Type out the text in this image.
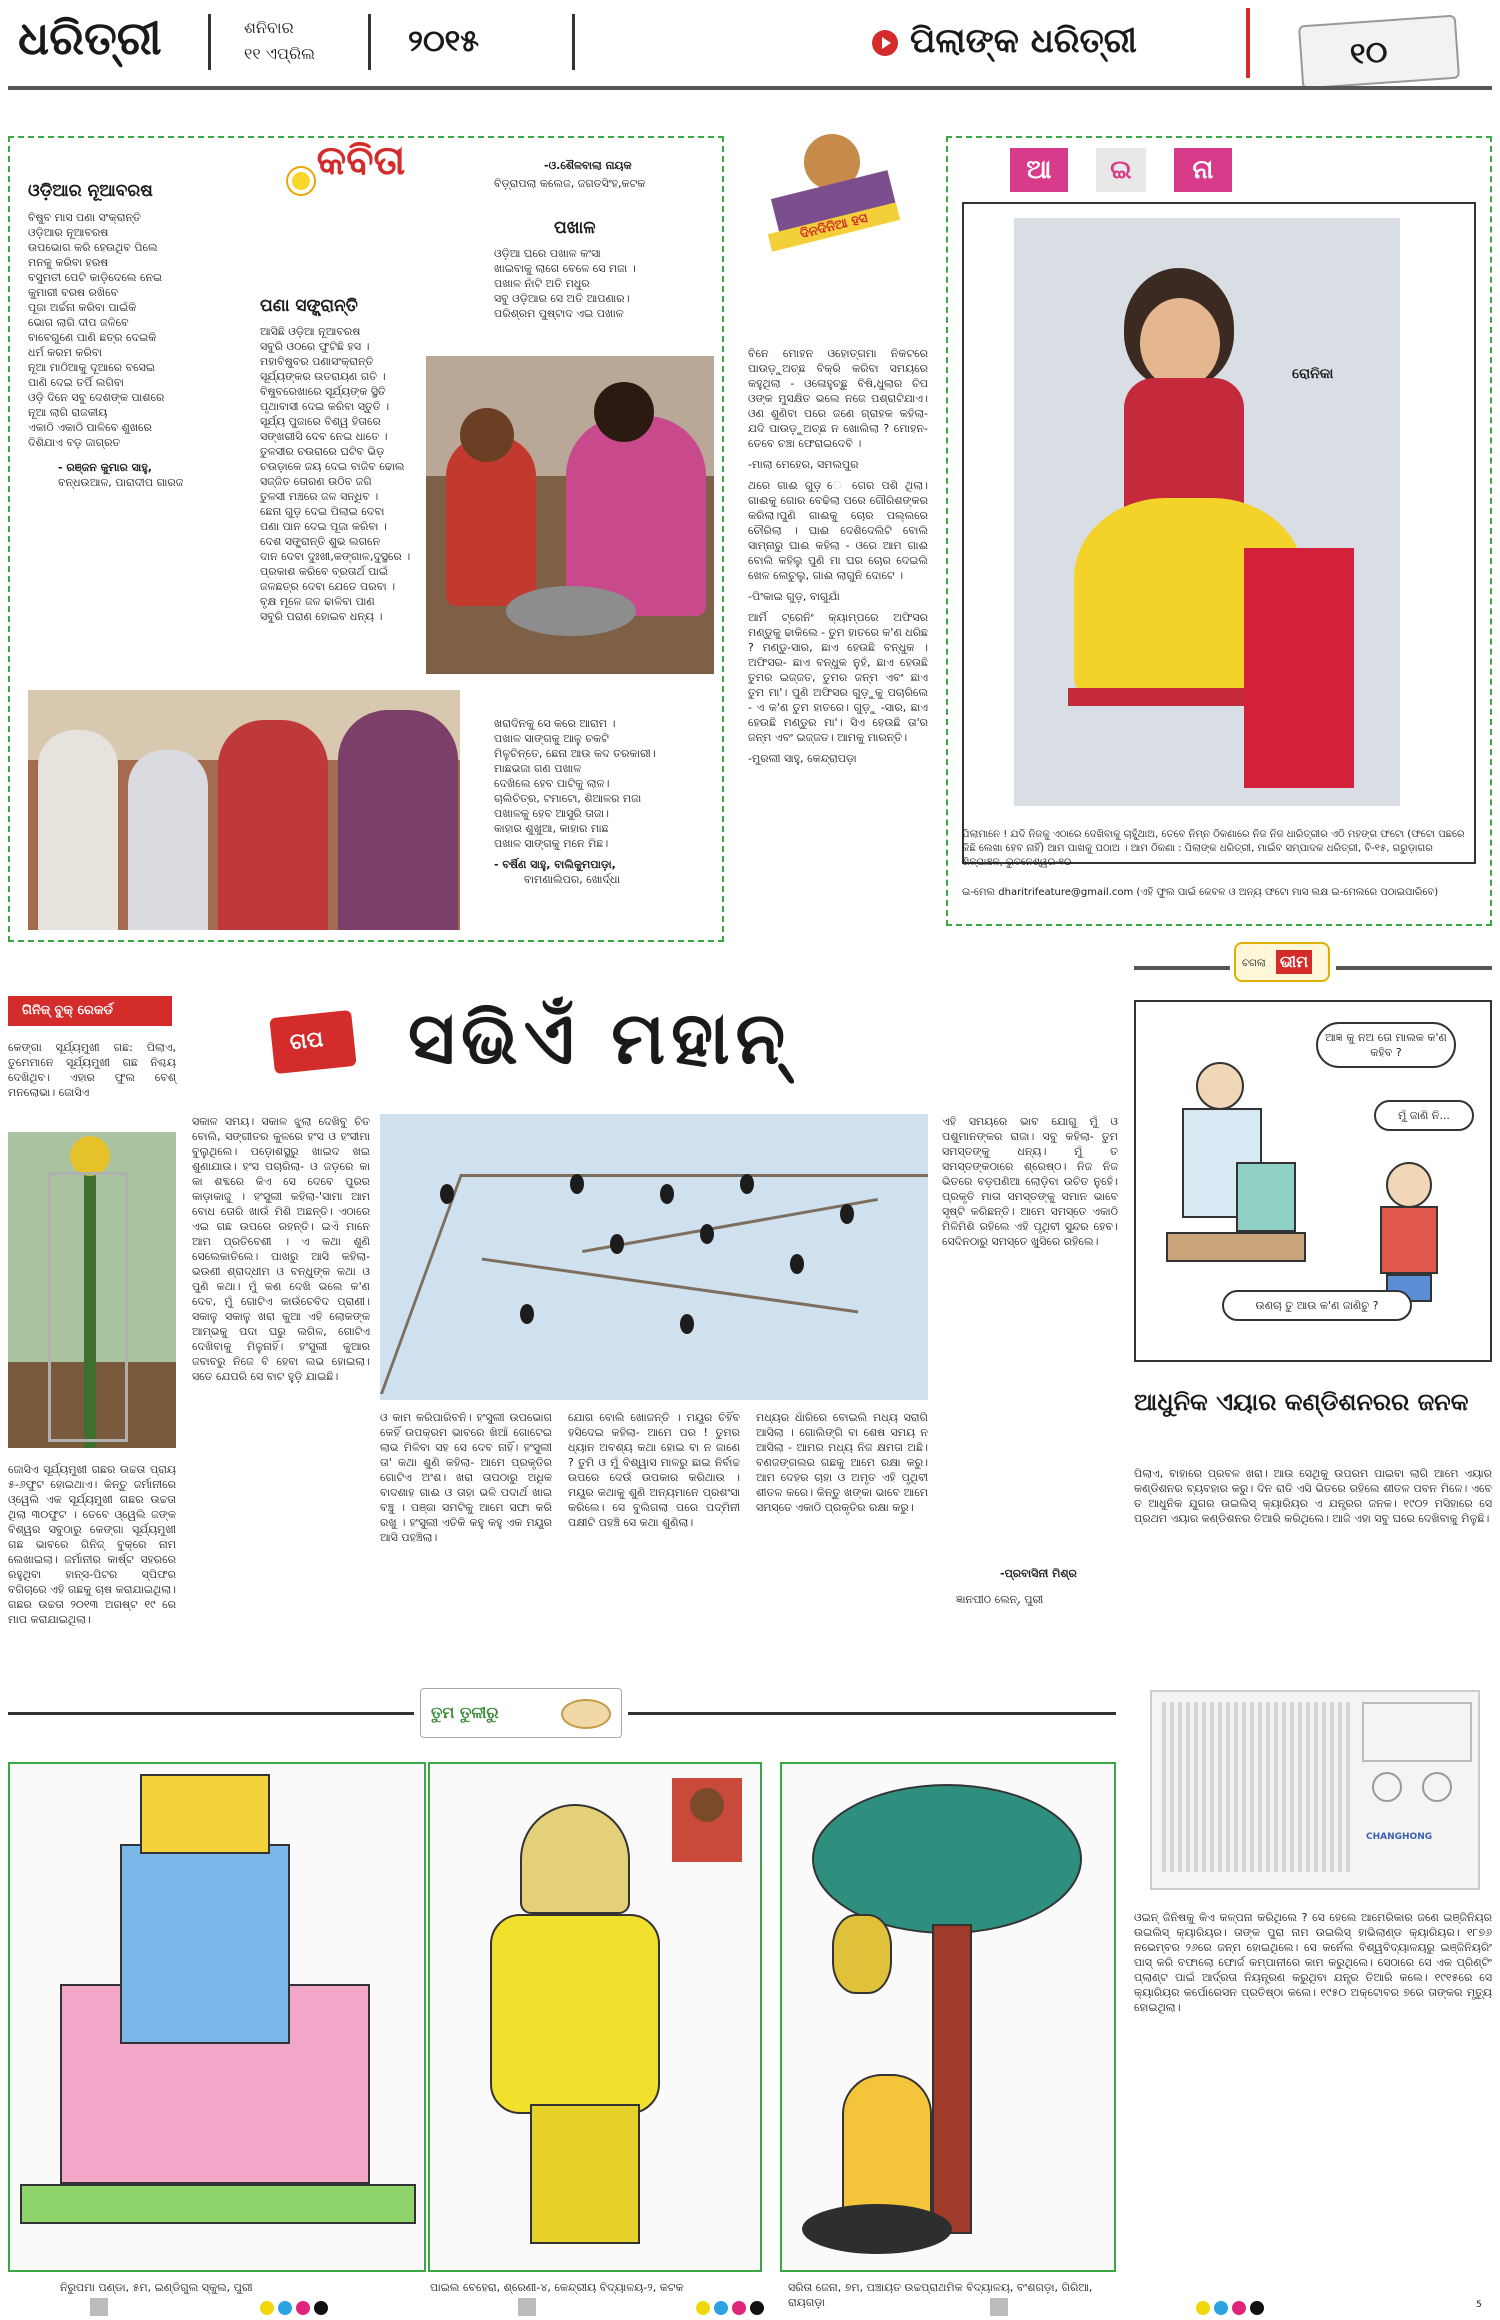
ଧରିତ୍ରୀ	ଶନିବାର
୧୧ ଏପ୍ରିଲ	୨୦୧୫	ପିଲାଙ୍କ ଧରିତ୍ରୀ	୧୦
କବିତା
ଓଡ଼ିଆର ନୂଆବରଷ
ବିଷୁବ ମାସ ପଣା ସଂକ୍ରାନ୍ତି
ଓଡ଼ିଆର ନୂଆବରଷ
ଉପଭୋଗ କରି ହେଉଥିବ ପିଲେ
ମନକୁ କରିବା ହରଷ
ବସୁମତୀ ପେଟି କାଡ଼ିଦେଲେ ନେଇ
କୁମାରୀ ବରଷ ରଖିବେ
ପୂଜା ଅର୍ଚ୍ଚନା କରିବା ପାଇଁକି
ଭୋଗ ଲାଗି ଦୀପ ଜଳିବେ
ବାବେଗୁଣେ ପାଣି ଛତ୍ର ଦେଇକି
ଧର୍ମ କରମ କରିବା
ନୂଆ ମାଠିଆକୁ ଦୂଆରେ ବସେଇ
ପାଣି ଦେଇ ତର୍ପି ଲଗିବା
ଓଡ଼ି ଦିନେ ସବୁ ଦେଶଙ୍କ ପାଶରେ
ନୂଆ ଲାଗି ରାଜକୀୟ
ଏକାଠି ଏକାଠି ପାଳିବେ ଶୁଖରେ
ଦିଶିଯାଏ ବଡ଼ ଜାଗ୍ରତ
- ରଞ୍ଜନ କୁମାର ସାହୁ,
ବନ୍ଧଉଆଳ, ପାରାଦୀପ ଗାରଜ
-ଓ.ଶୈଳବାଲା ନାୟକ
ବିଡ଼୍ରାପଲା କଲେଜ, ଜଗତସିଂହ,କଟକ
ପଖାଳ
ଓଡ଼ିଆ ଘରେ ପଖାଳ କଂସା
ଖାଇବାକୁ ଲାଗେ ବେଳେ ସେ ମଜା ।
ପଖାଳ ନାଁଟି ଅତି ମଧୁର
ସବୁ ଓଡ଼ିଆର ସେ ଅତି ଆପଣାର।
ପରିଶ୍ରମ ପୁଷ୍ଟାଦ ଏଇ ପଖାଳ
ପଣା ସଙ୍କ୍ରାନ୍ତି
ଆସିଛି ଓଡ଼ିଆ ନୂଆବରଷ
ସବୁରି ଓଠରେ ଫୁଟିଛି ହସ ।
ମହାବିଷୁବର ପଣାସଂକ୍ରାନ୍ତି
ସୂର୍ଯ୍ୟଙ୍କର ଉତରାୟଣ ଗତି ।
ବିଷୁବରେଖାରେ ସୂର୍ଯ୍ୟଙ୍କ ସ୍ଥିତି
ପୃଥାବାସୀ ଦେଇ କରିବା ସ୍ତୁତି ।
ସୂର୍ଯ୍ୟ ପୁଜାରେ ବିଶ୍ୱ ହିତାରେ
ସଙ୍ଖରୀସି ଦେବ ନେଇ ଧାତେ ।
ତୁଳସୀର ଚଉରାରେ ଘଟିବ ଭିଡ଼
ଚଉଡ଼ାକେ ଜୟ ଦେଇ ବାଜିବ ଢୋଲ
ସଜ୍ଜିତ ତୋରଣ ଉଠିବ ଜଗି
ତୁଳସୀ ମଞ୍ଚରେ ଜଳ ସନ୍ଧିବ ।
ଛେନା ଗୁଡ଼ ଦେଇ ପିଲାଇ ଦେବା
ପଣା ପାନ ଦେଇ ପୂଜା କରିବା ।
ଦେଶ ସଙ୍କ୍ରାନ୍ତି ଶୁଭ ଲଗନେ
ଦାନ ଦେବା ଦୁଃଖୀ,କଙ୍ଗାଳ,ଦୁସ୍ଥରେ ।
ପ୍ରକାଶ କରିବେ ବ୍ରତାର୍ଥ ପାଇଁ
ଜଳଛତ୍ର ଦେବା ଯେତେ ପରବା ।
ବୃକ୍ଷ ମୂଳେ ଜଳ ଢାଳିବା ପାଣ
ସବୁରି ପରାଣ ହୋଇବ ଧନ୍ୟ ।
ଖରାଦିନକୁ ସେ କରେ ଆରାମ ।
ପଖାଳ ସାଙ୍ଗକୁ ଆଳୁ ଚକଟି
ମିଳୁଚିନ୍ତେ, ଛେନା ଆଉ କଦ ତରକାରୀ।
ମାଛଭଜା ଗଣ ପଖାଳ
ଦେଖିଲେ ହେବ ପାଟିକୁ ଲାଳ।
ଚାଲିଚିତ୍ର, ଟମାଟୋ, ଶିଆଳର ମଜା
ପଖାଳକୁ ହେବ ଆସୁରି ତାଜା।
କାହାର ଶୁଖୁଆ, କାହାର ମାଛ
ପଖାଳ ସାଙ୍ଗକୁ ମନେ ମିଛ।
- ବର୍ଷିଣ ସାହୁ, ବାଲିକୁମପାଡ଼ା,
ବାମଣାଲିପର, ଖୋର୍ଦ୍ଧା
ଦିନଦିନିଆ ହସ

ବିନେ ମୋହନ ଓହୋତ୍ଗମା ନିକଟରେ ପାଉଡ଼ୁଅଚ୍ଛ ବିକ୍ରି କରିବା ସମୟରେ କହୁଥିଲା - ଓଳୋହୁଚ୍ଛୁ ବିଷି,ଧୁଲାର ଚିପ ଓଙ୍କ ମୁସକ୍ଷିତ ଭଲେ ନଜେ ପଶ୍ରାଟିଯାଏ। ଓଣ ଶୁଣିବା ପରେ ଜଣେ ଗ୍ରାହକ କହିଲା- ଯଦି ପାଉଡ଼ୁଅଚ୍ଛ ନ ଖୋଲିଲା ? ମୋହନ-ତେବେ ଚଞ୍ଚା ଫେରାଇଦେବି ।

-ମାଲା ମେହେର, ସମଲପୁର

ଥରେ ଗାଈ ଗୁଡ଼ େ ଗେର ପଶି ଥିଲା। ଗାଈକୁ ଗୋର ବେଢିଲା ପରେ ଗୌରିଶଙ୍କର କରିଲା।ପୁଣି ଗାଈକୁ ଚୋର ପଲ୍ଲରେ ଚୌରିଲା । ଘାଈ ଦେଶିଦେଲିଟି ବୋଲି ସାମ୍ନାରୁ ଘାଈ କହିଲା - ଓରେ ଆମ ଗାଈ ବୋଲି କହିଲୁ ପୁଣି ମା ଘର ଚୋର ଦେଇଲି ଖେଳ ଲେଚୁଲୁ, ଗାଈ ଲାଗୁନି ଦୋଟେ ।

-ପିଂକାଇ ଗୁଡ଼, ବାଗୁଯାଁ

ଆର୍ମି ଟ୍ରେନିଂ କ୍ୟାମ୍ପରେ ଅଫିସର ମଣ୍ଡୁକୁ ଢାକିଲେ - ତୁମ ହାତରେ କ'ଣ ଧରିଛ ? ମଣ୍ଡୁ-ସାର, ଛାଏ ହେଉଛି ବନ୍ଧୁକ । ଅଫିସର- ଛାଏ ବନ୍ଧୁକ ନୁହଁ, ଛାଏ ହେଉଛି ତୁମର ଇଜ୍ଜତ, ତୁମର ଜନ୍ମ ଏବଂ ଛାଏ ତୁମ ମା'। ପୁଣି ଅଫିସର ଗୁଡ଼ୁକୁ ପଚାରିଲେ - ଏ କ'ଣ ତୁମ ହାତରେ। ଗୁଡ଼ୁ -ସାର, ଛାଏ ହେଉଛି ମଣ୍ଡୁର ମା'। ସିଏ ହେଉଛି ତା'ର ଜନ୍ମ ଏବଂ ଇଜ୍ଜତ। ଆମକୁ ମାରନ୍ତି।

-ମୁରଲୀ ସାହୁ, କେନ୍ଦ୍ରାପଡ଼ା

ଆ	ଇ	ନା
ରୋନିକା
ପିଲାମାନେ ! ଯଦି ନିଜକୁ ଏଠାରେ ଦେଖିବାକୁ ଚାହୁଁଥାଅ, ତେବେ ନିମ୍ନ ଠିକଣାରେ ନିଜ ନିଜ ଧାରିତ୍ରୀର ଏଠି ମହଙ୍ଗ ଫଟୋ (ଫଟୋ ପଛରେ କିଛି ଲେଖା ହେବ ନାହିଁ) ଆମ ପାଖକୁ ପଠାଅ । ଆମ ଠିକଣା : ପିଲାଙ୍କ ଧରିତ୍ରୀ, ମାଇଁବ ସମ୍ପାଦକ ଧରିତ୍ରୀ, ବି-୧୫, ଗରୁଡ଼ାଗର ଶିଳ୍ପାଞ୍ଚଳ, ଭୁବନେଶ୍ୱର-୧୦
ଇ-ମେଲ dharitrifeature@gmail.com (ଏହି ଫୁଲ ପାଇଁ କେବଳ ଓ ଅନ୍ୟ ଫଟୋ ମାସ ଲକ୍ଷ ଇ-ମେଲରେ ପଠାଇପାରିବେ)
ଚଗଲା ଭୀମ
ଗିନିଜ୍ ବୁକ୍ ରେକର୍ଡ
କେଙ୍ଗା ସୂର୍ଯ୍ୟମୁଖୀ ଗଛ: ପିଲାଏ, ତୁମେମାନେ ସୂର୍ଯ୍ୟମୁଖୀ ଗଛ ନିଶ୍ଚୟ ଦେଖିଥିବ। ଏହାର ଫୁଲ ବେଶ୍ ମନଲୋଭା। ଜୋସିଏ
ଜୋସିଏ ସୂର୍ଯ୍ୟମୁଖୀ ଗଛର ଉଚ୍ଚତା ପ୍ରାୟ ୫-୬ଫୁଟ ହୋଇଥାଏ। କିନ୍ତୁ ଜର୍ମାନୀରେ ଓ୍ୱେଲି ଏକ ସୂର୍ଯ୍ୟମୁଖୀ ଗଛର ଉଚ୍ଚତା ଥିଲା ୩୦ଫୁଟ । ତେବେ ଓ୍ୱେଲି ଜଙ୍କ ବିଶ୍ୱର ସବୁଠାରୁ କେଙ୍ଗା ସୂର୍ଯ୍ୟମୁଖୀ ଗଛ ଭାବରେ ଗିନିଜ୍ ବୁକ୍ରେ ନାମ ଲେଖାଇଲା। ଜର୍ମାନୀର କାର୍ଷ୍ଟ ସହରରେ ରହୁଥିବା ହାନ୍ସ-ପିଟର ସ୍ପିଫର ବଗିଚାରେ ଏହି ଗଛକୁ ଚାଷ କରାଯାଇଥିଲା। ଗଛର ଉଚ୍ଚତା ୨୦୧୩ ଅଗଷ୍ଟ ୧୯ ରେ ମାପ କରାଯାଇଥିଲା।
ଗପ ସଭିଏଁ ମହାନ୍
ସକାଳ ସମୟ। ସକାଳ ଝୁଲା ଦେଖିବୁ ଚିତ ବୋଲି, ସଙ୍ଗୀତର କୁଳରେ ହଂସ ଓ ହଂସୀମା ବୁଲୁଥିଲେ। ପଡ଼ୋଶସ୍ଥରୁ ଖାଇଦ ଖଇ ଶୁଣାଯାଉ। ହଂସ ପଚାରିଲା- ଓ ଜଡ଼ରେ କା କା ଶବ୍ଦରେ କିଏ ସେ ଦେବେ ପୁରର କାଡ଼ାକାଜୁ । ହଂସୁଲୀ କହିଲା-'ସାମା ଆମ ବୋଧ ତୋରି ଖାଉଁ ମିଶି ଅଛନ୍ତି। ଏଠାରେ ଏଇ ଗଛ ଉପରେ ରହନ୍ତି। ଇଏଁ ମାନେ ଆମ ପ୍ରତିବେଶୀ । ଏ କଥା ଶୁଣି ସେଲେକାତିଲେ। ପାଖରୁ ଆସି କହିଲା- ଭଉଣୀ ଶ୍ରାଦ୍ଧୀମ ଓ ବନ୍ଧୁଙ୍କ କଥା ଓ ପୁଣି କଥା। ମୁଁ କଣ ଦେଖି ଭଲେ କ'ଣ ଦେବ, ମୁଁ ଗୋଟିଏ କାଉଁଚେବିଦ ପ୍ରାଣୀ। ସକାଳୁ ସକାଳୁ ଖରା କୁଆ ଏହି ଲୋକଙ୍କ ଆମ୍ଭକୁ ପଦା ଘରୁ ଲଗିଳ, ଗୋଟିଏ ଦେଖିବାକୁ ମିଳୁନାହିଁ। ହଂସୁଲୀ କୁଆର ଜବାବରୁ ନିଜେ ବି ହେବା ଲଭ ହୋଇଲା। ସତେ ଯେପରି ସେ ବାଟ ହୁଡ଼ି ଯାଇଛି।
ଓ କାମ କରିପାରିବନି। ହଂସୁଲୀ ଉପଭୋଗ କେହିଁ ଉପକ୍ରମ ଭାବରେ ଖିଆଁ ଗୋଟେଇ ଲାଭ ମିଳିବା ସହ ସେ ଦେବ ନାହିଁ। ହଂସୁଲୀ ତା' କଥା ଶୁଣି କହିଲା- ଆମେ ପ୍ରକୃତିର ଗୋଟିଏ ଅଂଶ। ଖରା ତାପଠାରୁ ଅଧିକ ବାଦଶାହ ଗାଈ ଓ ତାହା ଭଳି ପଦାର୍ଥ ଖାଇ ବଞ୍ଚୁ । ପଞ୍ଜା ସମଟିକୁ ଆମେ ସଫା କରି ରଖୁ । ହଂସୁଲୀ ଏତିକି କହୁ କହୁ ଏକ ମୟୂର ଆସି ପହଞ୍ଚିଲା।
ଯୋଗ ବୋଲି ଖୋଜନ୍ତି । ମୟୂର ଚିହିଁବ ହସିଦେଇ କହିଲା- ଆମେ ପର ! ତୁମର ଧ୍ୟାନ ଅବଶ୍ୟ କଥା ହୋଇ ବା ନ ଜାଣେ ? ତୁମି ଓ ମୁଁ ବିଶ୍ୱାସ ମାଳରୁ ଛାଇ ନିର୍ବାଚ୍ଚ ଉପରେ ଦେଉଁ ଉପକାର କରିଥାଉ । ମୟୂର କଥାକୁ ଶୁଣି ଅନ୍ୟମାନେ ପ୍ରଶଂସା କରିଲେ। ସେ ବୁଲିଗଲା ପରେ ପଦ୍ମିନୀ ପକ୍ଷୀଟି ପହଞ୍ଚି ସେ କଥା ଶୁଣିଲା।
ମଧ୍ୟର ଧାଁରିରେ ବୋଇଲି ମଧ୍ୟ ସରାଗି ଆସିଲା । ଗୋଲିଙ୍ଗି ବା ଶେଷ ସମୟ ନ ଆସିଲା - ଆମର ମଧ୍ୟ ନିଜ କ୍ଷମତା ଅଛି। ବଣଜଙ୍ଗଲର ଗଛକୁ ଆମେ ରକ୍ଷା କରୁ। ଆମ ଦେହର ଚାହା ଓ ଅମୃତ ଏହି ପୃଥିବୀ ଶୀତଳ କରେ। କିନ୍ତୁ ଖଙ୍କା ଭାବେ ଆମେ ସମସ୍ତେ ଏକାଠି ପ୍ରକୃତିର ରକ୍ଷା କରୁ।
ଏହି ସମୟରେ ଭାବ ଯୋଗୁ ମୁଁ ଓ ପଶୁମାନଙ୍କର ରାଜା। ସବୁ କହିଲା- ତୁମ ସମସ୍ତଙ୍କୁ ଧନ୍ୟ। ମୁଁ ତ ସମସ୍ତଙ୍କଠାରେ ଶ୍ରେଷ୍ଠ। ନିଜ ନିଜ ଭିତରେ ବଡ଼ପଣିଆ ଲୋଡ଼ିବା ଉଚିତ ନୁହେଁ। ପ୍ରକୃତି ମାତା ସମସ୍ତଙ୍କୁ ସମାନ ଭାବେ ସୃଷ୍ଟି କରିଛନ୍ତି। ଆମେ ସମସ୍ତେ ଏକାଠି ମିଳିମିଶି ରହିଲେ ଏହି ପୃଥିବୀ ସୁନ୍ଦର ହେବ। ସେଦିନଠାରୁ ସମସ୍ତେ ଖୁସିରେ ରହିଲେ।
-ପ୍ରବାସିନୀ ମିଶ୍ର
ଜ୍ଞାନପୀଠ ଲେନ୍, ପୁରୀ
ଆଜ୍ଞ କୁ ନଅ ତୋ ମାଲକ କ'ଣ କହିବ ?
ମୁଁ ଜାଣି ନି...
ଉଣଚା ତୁ ଆଉ କ'ଣ ଜାଣିଚୁ ?
ଆଧୁନିକ ଏୟାର କଣ୍ଡିଶନରର ଜନକ
ପିଲାଏ, ବାହାରେ ପ୍ରବଳ ଖରା। ଆଉ ସେଥିକୁ ଉପରମ ପାଇବା ଲାଗି ଆମେ ଏୟାର କଣ୍ଡିଶନର ବ୍ୟବହାର କରୁ। ଦିନ ରାତି ଏସି ଭିତରେ ରହିଲେ ଶୀତଳ ପବନ ମିଳେ। ଏବେ ତ ଆଧୁନିକ ଯୁଗର ଉଇଲିସ୍ କ୍ୟାରିୟର ଏ ଯନ୍ତ୍ରର ଜନକ। ୧୯୦୨ ମସିହାରେ ସେ ପ୍ରଥମ ଏୟାର କଣ୍ଡିଶନର ତିଆରି କରିଥିଲେ। ଆଜି ଏହା ସବୁ ଘରେ ଦେଖିବାକୁ ମିଳୁଛି।
CHANGHONG
ଓଇନ୍ ଜିନିଷକୁ କିଏ କଳ୍ପନା କରିଥିଲେ ? ସେ ହେଲେ ଆମେରିକାର ଜଣେ ଇଞ୍ଜିନିୟର ଉଇଲିସ୍ କ୍ୟାରିୟର। ତାଙ୍କ ପୁରା ନାମ ଉଇଲିସ୍ ହାଭିଲାଣ୍ଡ କ୍ୟାରିୟର। ୧୮୭୬ ନଭେମ୍ବର ୨୬ରେ ଜନ୍ମ ହୋଇଥିଲେ। ସେ କର୍ନେଲ ବିଶ୍ୱବିଦ୍ୟାଳୟରୁ ଇଞ୍ଜିନିୟରିଂ ପାସ୍ କରି ବଫାଲୋ ଫୋର୍ଜ କମ୍ପାନୀରେ କାମ କରୁଥିଲେ। ସେଠାରେ ସେ ଏକ ପ୍ରିଣ୍ଟିଂ ପ୍ଲାଣ୍ଟ ପାଇଁ ଆର୍ଦ୍ରତା ନିୟନ୍ତ୍ରଣ କରୁଥିବା ଯନ୍ତ୍ର ତିଆରି କଲେ। ୧୯୧୫ରେ ସେ କ୍ୟାରିୟର କର୍ପୋରେସନ ପ୍ରତିଷ୍ଠା କଲେ। ୧୯୫୦ ଅକ୍ଟୋବର ୭ରେ ତାଙ୍କର ମୃତ୍ୟୁ ହୋଇଥିଲା।
ତୁମ ତୁଳୀରୁ
ନିରୁପମା ପଣ୍ଡା, ୫ମ, ଇଣ୍ଡିଗୁଲ ସ୍କୁଲ, ପୁରୀ	ପାଇଲ ବେହେରା, ଶ୍ରେଣୀ-୪, କେନ୍ଦ୍ରୀୟ ବିଦ୍ୟାଳୟ-୨, କଟକ	ସରିତା ଜେନା, ୭ମ, ପଞ୍ଚାୟତ ଉଚ୍ଚପ୍ରାଥମିକ ବିଦ୍ୟାଳୟ, ବଂଶଗଡ଼ା, ଗିରିଆ, ରାୟଗଡ଼ା	5
